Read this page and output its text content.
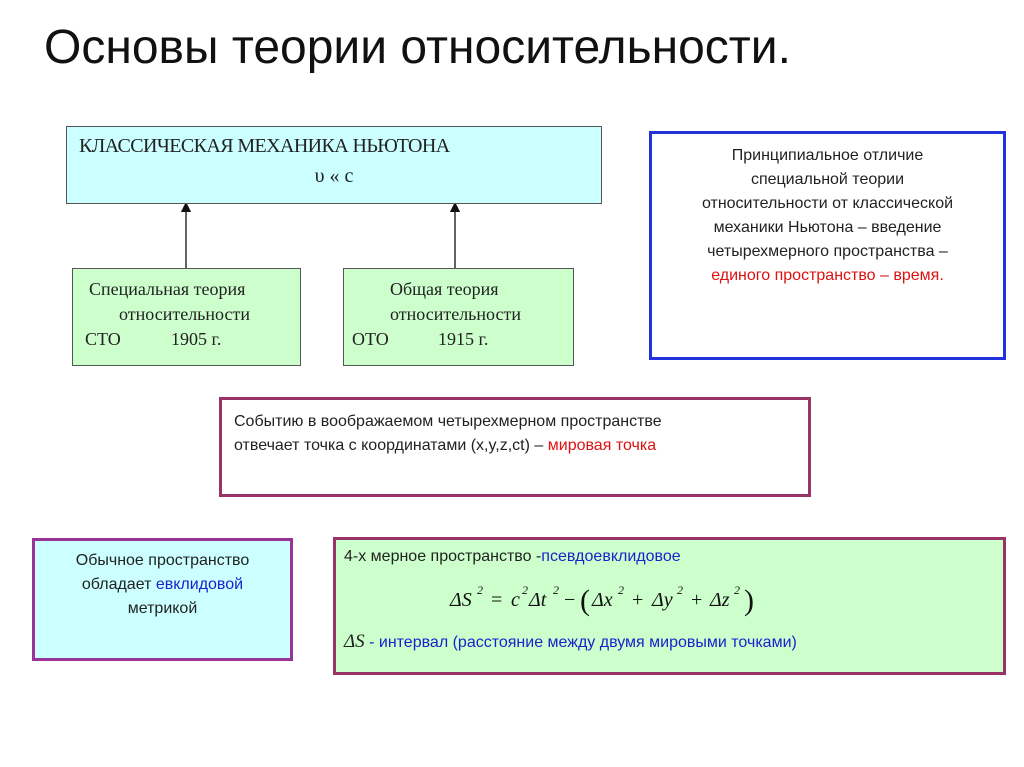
Основы теории относительности.
КЛАССИЧЕСКАЯ МЕХАНИКА НЬЮТОНА
υ « c
Специальная теория
относительности
СТО	1905 г.
Общая теория
относительности
ОТО	1915 г.
Принципиальное отличие
специальной теории
относительности от классической
механики Ньютона – введение
четырехмерного пространства –
единого пространство – время.
Событию в воображаемом четырехмерном пространстве
отвечает точка с координатами (x,y,z,ct) – мировая точка
Обычное пространство
обладает евклидовой
метрикой
4-х мерное пространство -псевдоевклидовое
ΔS 2 = c 2 Δt 2 − ( Δx 2 + Δy 2 + Δz 2 )
ΔS - интервал (расстояние между двумя мировыми точками)
